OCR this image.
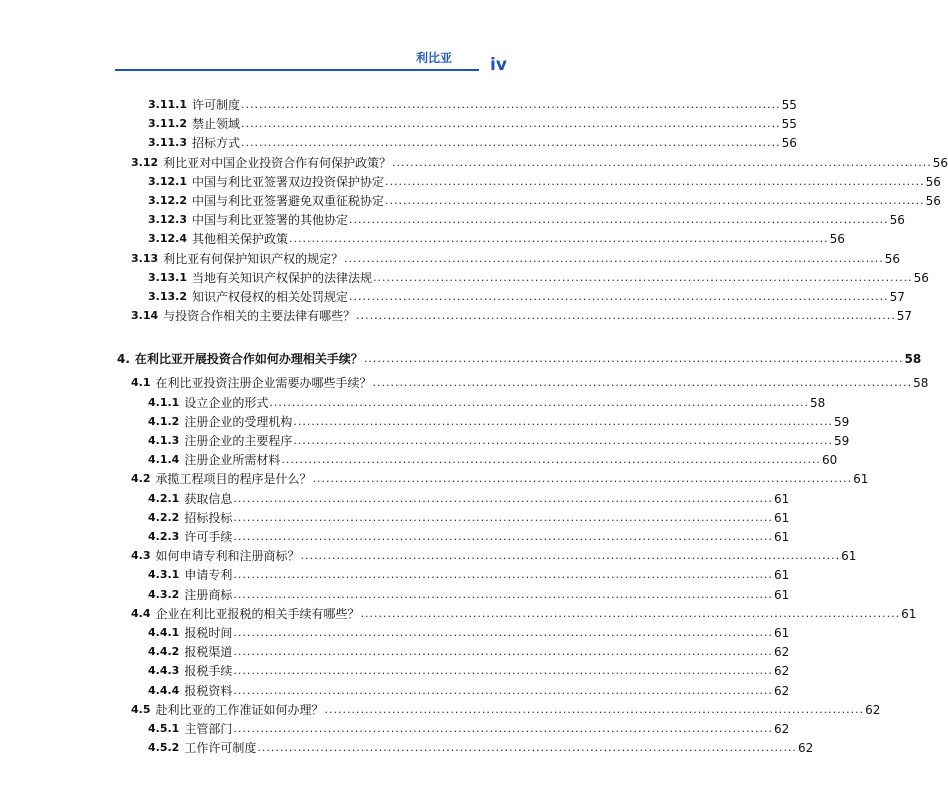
利比亚	iv
3.11.1 许可制度 ........................................................................................................................ 55
3.11.2 禁止领域 ........................................................................................................................ 55
3.11.3 招标方式 ........................................................................................................................ 56
3.12 利比亚对中国企业投资合作有何保护政策？ ........................................................................................................................ 56
3.12.1 中国与利比亚签署双边投资保护协定 ........................................................................................................................ 56
3.12.2 中国与利比亚签署避免双重征税协定 ........................................................................................................................ 56
3.12.3 中国与利比亚签署的其他协定 ........................................................................................................................ 56
3.12.4 其他相关保护政策 ........................................................................................................................ 56
3.13 利比亚有何保护知识产权的规定？ ........................................................................................................................ 56
3.13.1 当地有关知识产权保护的法律法规 ........................................................................................................................ 56
3.13.2 知识产权侵权的相关处罚规定 ........................................................................................................................ 57
3.14 与投资合作相关的主要法律有哪些？ ........................................................................................................................ 57
4. 在利比亚开展投资合作如何办理相关手续？ ........................................................................................................................ 58
4.1 在利比亚投资注册企业需要办哪些手续？ ........................................................................................................................ 58
4.1.1 设立企业的形式 ........................................................................................................................ 58
4.1.2 注册企业的受理机构 ........................................................................................................................ 59
4.1.3 注册企业的主要程序 ........................................................................................................................ 59
4.1.4 注册企业所需材料 ........................................................................................................................ 60
4.2 承揽工程项目的程序是什么？ ........................................................................................................................ 61
4.2.1 获取信息 ........................................................................................................................ 61
4.2.2 招标投标 ........................................................................................................................ 61
4.2.3 许可手续 ........................................................................................................................ 61
4.3 如何申请专利和注册商标？ ........................................................................................................................ 61
4.3.1 申请专利 ........................................................................................................................ 61
4.3.2 注册商标 ........................................................................................................................ 61
4.4 企业在利比亚报税的相关手续有哪些？ ........................................................................................................................ 61
4.4.1 报税时间 ........................................................................................................................ 61
4.4.2 报税渠道 ........................................................................................................................ 62
4.4.3 报税手续 ........................................................................................................................ 62
4.4.4 报税资料 ........................................................................................................................ 62
4.5 赴利比亚的工作准证如何办理？ ........................................................................................................................ 62
4.5.1 主管部门 ........................................................................................................................ 62
4.5.2 工作许可制度 ........................................................................................................................ 62
